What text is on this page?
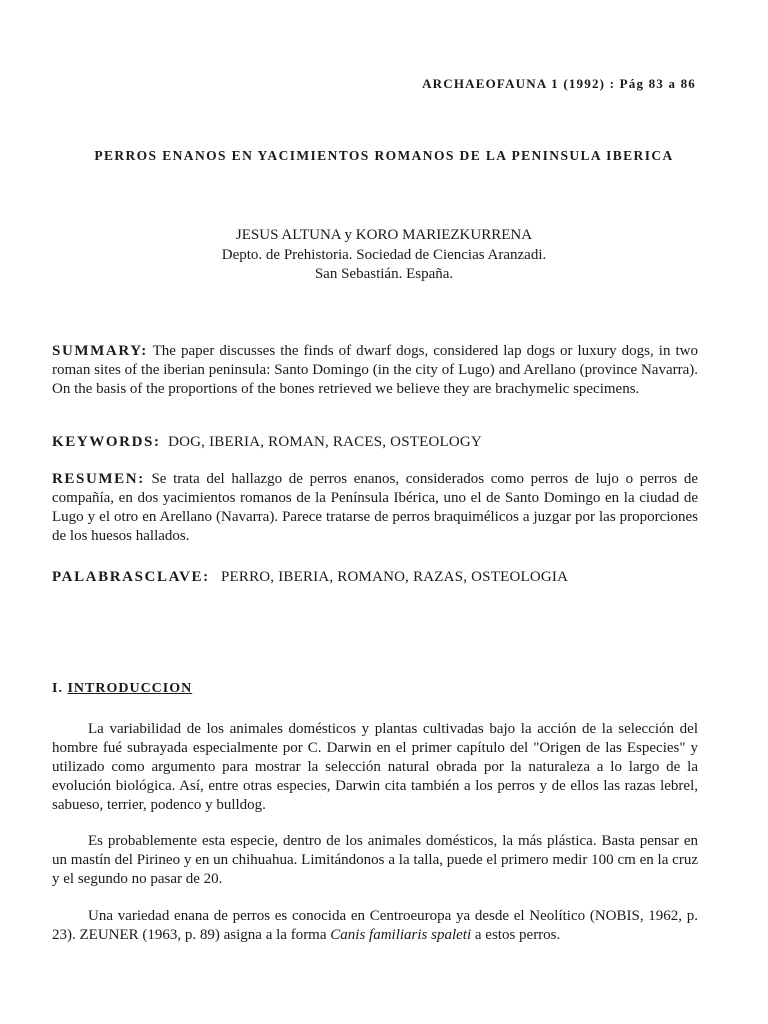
ARCHAEOFAUNA 1 (1992) : Pág 83 a 86
PERROS ENANOS EN YACIMIENTOS ROMANOS DE LA PENINSULA IBERICA
JESUS ALTUNA y KORO MARIEZKURRENA
Depto. de Prehistoria. Sociedad de Ciencias Aranzadi.
San Sebastián. España.
SUMMARY: The paper discusses the finds of dwarf dogs, considered lap dogs or luxury dogs, in two roman sites of the iberian peninsula: Santo Domingo (in the city of Lugo) and Arellano (province Navarra). On the basis of the proportions of the bones retrieved we believe they are brachymelic specimens.
KEYWORDS: DOG, IBERIA, ROMAN, RACES, OSTEOLOGY
RESUMEN: Se trata del hallazgo de perros enanos, considerados como perros de lujo o perros de compañía, en dos yacimientos romanos de la Península Ibérica, uno el de Santo Domingo en la ciudad de Lugo y el otro en Arellano (Navarra). Parece tratarse de perros braquimélicos a juzgar por las proporciones de los huesos hallados.
PALABRASCLAVE: PERRO, IBERIA, ROMANO, RAZAS, OSTEOLOGIA
I. INTRODUCCION
La variabilidad de los animales domésticos y plantas cultivadas bajo la acción de la selección del hombre fué subrayada especialmente por C. Darwin en el primer capítulo del "Origen de las Especies" y utilizado como argumento para mostrar la selección natural obrada por la naturaleza a lo largo de la evolución biológica. Así, entre otras especies, Darwin cita también a los perros y de ellos las razas lebrel, sabueso, terrier, podenco y bulldog.
Es probablemente esta especie, dentro de los animales domésticos, la más plástica. Basta pensar en un mastín del Pirineo y en un chihuahua. Limitándonos a la talla, puede el primero medir 100 cm en la cruz y el segundo no pasar de 20.
Una variedad enana de perros es conocida en Centroeuropa ya desde el Neolítico (NOBIS, 1962, p. 23). ZEUNER (1963, p. 89) asigna a la forma Canis familiaris spaleti a estos perros.
